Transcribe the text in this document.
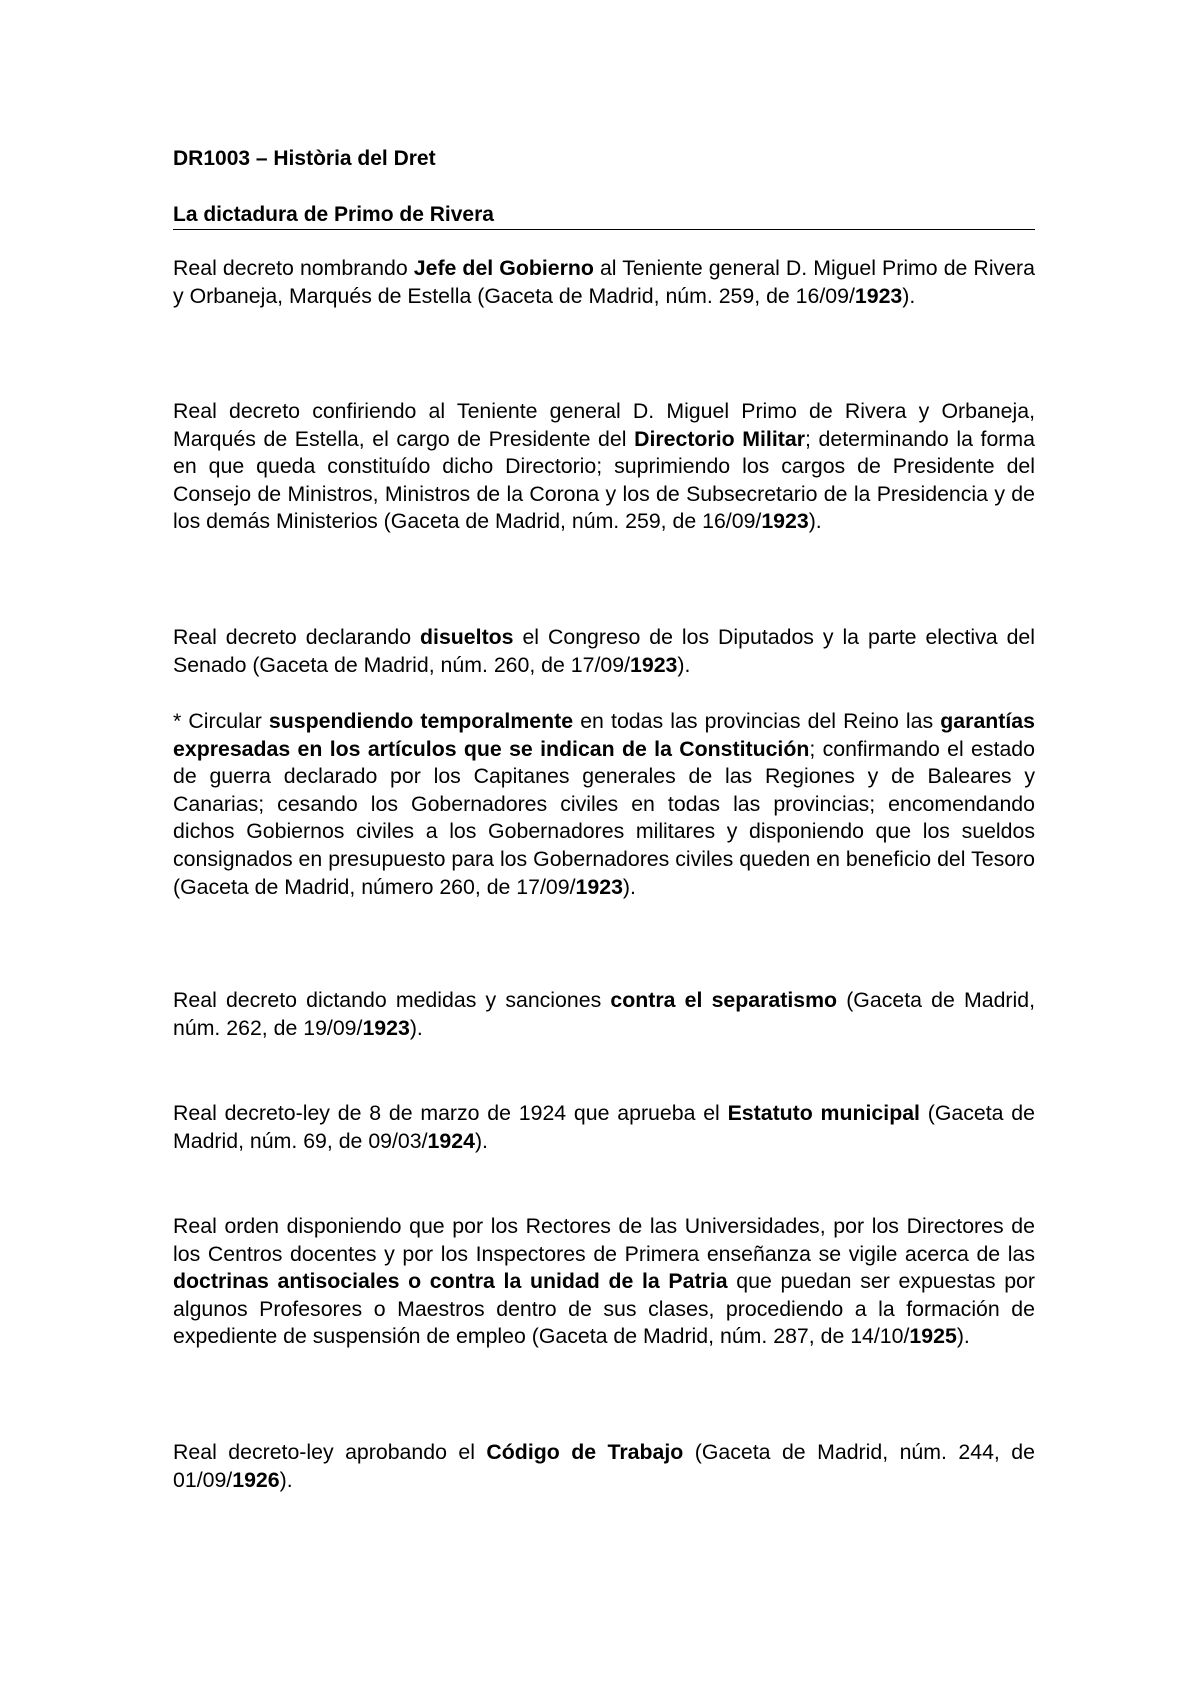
DR1003 – Història del Dret
La dictadura de Primo de Rivera

Real decreto nombrando Jefe del Gobierno al Teniente general D. Miguel Primo de Rivera y Orbaneja, Marqués de Estella (Gaceta de Madrid, núm. 259, de 16/09/1923).

Real decreto confiriendo al Teniente general D. Miguel Primo de Rivera y Orbaneja, Marqués de Estella, el cargo de Presidente del Directorio Militar; determinando la forma en que queda constituído dicho Directorio; suprimiendo los cargos de Presidente del Consejo de Ministros, Ministros de la Corona y los de Subsecretario de la Presidencia y de los demás Ministerios (Gaceta de Madrid, núm. 259, de 16/09/1923).

Real decreto declarando disueltos el Congreso de los Diputados y la parte electiva del Senado (Gaceta de Madrid, núm. 260, de 17/09/1923).

* Circular suspendiendo temporalmente en todas las provincias del Reino las garantías expresadas en los artículos que se indican de la Constitución; confirmando el estado de guerra declarado por los Capitanes generales de las Regiones y de Baleares y Canarias; cesando los Gobernadores civiles en todas las provincias; encomendando dichos Gobiernos civiles a los Gobernadores militares y disponiendo que los sueldos consignados en presupuesto para los Gobernadores civiles queden en beneficio del Tesoro (Gaceta de Madrid, número 260, de 17/09/1923).

Real decreto dictando medidas y sanciones contra el separatismo (Gaceta de Madrid, núm. 262, de 19/09/1923).

Real decreto-ley de 8 de marzo de 1924 que aprueba el Estatuto municipal (Gaceta de Madrid, núm. 69, de 09/03/1924).

Real orden disponiendo que por los Rectores de las Universidades, por los Directores de los Centros docentes y por los Inspectores de Primera enseñanza se vigile acerca de las doctrinas antisociales o contra la unidad de la Patria que puedan ser expuestas por algunos Profesores o Maestros dentro de sus clases, procediendo a la formación de expediente de suspensión de empleo (Gaceta de Madrid, núm. 287, de 14/10/1925).

Real decreto-ley aprobando el Código de Trabajo (Gaceta de Madrid, núm. 244, de 01/09/1926).
